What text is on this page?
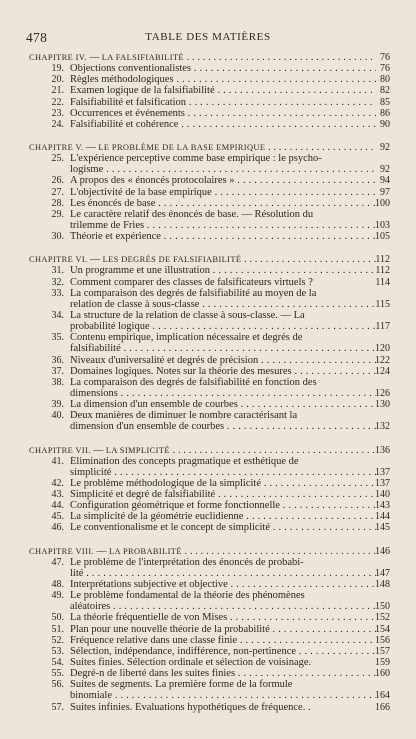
478	TABLE DES MATIÈRES
CHAPITRE IV. — LA FALSIFIABILITÉ . . .	76
19. Objections conventionalistes . . .	76
20. Règles méthodologiques . . .	80
21. Examen logique de la falsifiabilité . . .	82
22. Falsifiabilité et falsification . . .	85
23. Occurrences et événements . . .	86
24. Falsifiabilité et cohérence . . .	90
CHAPITRE V. — LE PROBLÈME DE LA BASE EMPIRIQUE . . .	92
25. L'expérience perceptive comme base empirique : le psycho-
logisme . . .	92
26. A propos des « énoncés protocolaires » . . .	94
27. L'objectivité de la base empirique . . .	97
28. Les énoncés de base . . .	100
29. Le caractère relatif des énoncés de base. — Résolution du
trilemme de Fries . . .	103
30. Théorie et expérience . . .	105
CHAPITRE VI. — LES DEGRÉS DE FALSIFIABILITÉ . . .	112
31. Un programme et une illustration . . .	112
32. Comment comparer des classes de falsificateurs virtuels ?	114
33. La comparaison des degrés de falsifiabilité au moyen de la
relation de classe à sous-classe . . .	115
34. La structure de la relation de classe à sous-classe. — La
probabilité logique . . .	117
35. Contenu empirique, implication nécessaire et degrés de
falsifiabilité . . .	120
36. Niveaux d'universalité et degrés de précision . . .	122
37. Domaines logiques. Notes sur la théorie des mesures . . .	124
38. La comparaison des degrés de falsifiabilité en fonction des
dimensions . . .	126
39. La dimension d'un ensemble de courbes . . .	130
40. Deux manières de diminuer le nombre caractérisant la
dimension d'un ensemble de courbes . . .	132
CHAPITRE VII. — LA SIMPLICITÉ . . .	136
41. Élimination des concepts pragmatique et esthétique de
simplicité . . .	137
42. Le problème méthodologique de la simplicité . . .	137
43. Simplicité et degré de falsifiabilité . . .	140
44. Configuration géométrique et forme fonctionnelle . . .	143
45. La simplicité de la géométrie euclidienne . . .	144
46. Le conventionalisme et le concept de simplicité . . .	145
CHAPITRE VIII. — LA PROBABILITÉ . . .	146
47. Le problème de l'interprétation des énoncés de probabi-
lité . . .	147
48. Interprétations subjective et objective . . .	148
49. Le problème fondamental de la théorie des phénomènes
aléatoires . . .	150
50. La théorie fréquentielle de von Mises . . .	152
51. Plan pour une nouvelle théorie de la probabilité . . .	154
52. Fréquence relative dans une classe finie . . .	156
53. Sélection, indépendance, indifférence, non-pertinence . . .	157
54. Suites finies. Sélection ordinale et sélection de voisinage.	159
55. Degré-n de liberté dans les suites finies . . .	160
56. Suites de segments. La première forme de la formule
binomiale . . .	164
57. Suites infinies. Évaluations hypothétiques de fréquence. .	166
